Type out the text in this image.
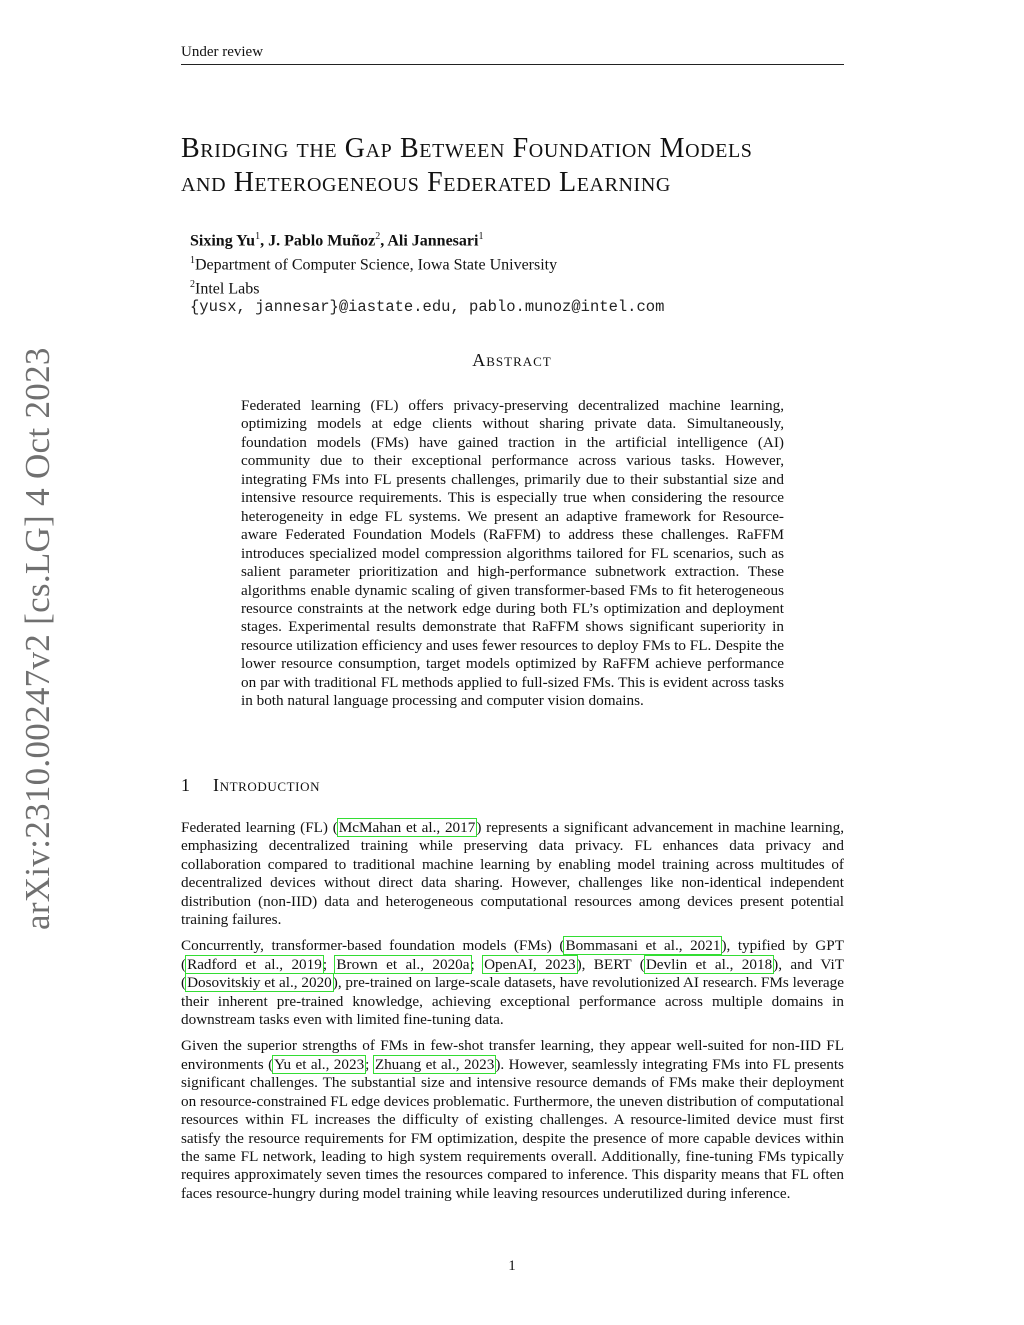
Under review
arXiv:2310.00247v2 [cs.LG] 4 Oct 2023
Bridging the Gap Between Foundation Models
and Heterogeneous Federated Learning
Sixing Yu$^1$, J. Pablo Muñoz$^2$, Ali Jannesari$^1$
$^1$Department of Computer Science, Iowa State University
$^2$Intel Labs
{yusx, jannesar}@iastate.edu, pablo.munoz@intel.com
Abstract
Federated learning (FL) offers privacy-preserving decentralized machine learning, optimizing models at edge clients without sharing private data. Simultaneously, foundation models (FMs) have gained traction in the artificial intelligence (AI) community due to their exceptional performance across various tasks. However, integrating FMs into FL presents challenges, primarily due to their substantial size and intensive resource requirements. This is especially true when considering the resource heterogeneity in edge FL systems. We present an adaptive framework for Resource-aware Federated Foundation Models (RaFFM) to address these challenges. RaFFM introduces specialized model compression algorithms tailored for FL scenarios, such as salient parameter prioritization and high-performance subnetwork extraction. These algorithms enable dynamic scaling of given transformer-based FMs to fit heterogeneous resource constraints at the network edge during both FL’s optimization and deployment stages. Experimental results demonstrate that RaFFM shows significant superiority in resource utilization efficiency and uses fewer resources to deploy FMs to FL. Despite the lower resource consumption, target models optimized by RaFFM achieve performance on par with traditional FL methods applied to full-sized FMs. This is evident across tasks in both natural language processing and computer vision domains.
1 Introduction

Federated learning (FL) (McMahan et al., 2017) represents a significant advancement in machine learning, emphasizing decentralized training while preserving data privacy. FL enhances data privacy and collaboration compared to traditional machine learning by enabling model training across multitudes of decentralized devices without direct data sharing. However, challenges like non-identical independent distribution (non-IID) data and heterogeneous computational resources among devices present potential training failures.

Concurrently, transformer-based foundation models (FMs) (Bommasani et al., 2021), typified by GPT (Radford et al., 2019; Brown et al., 2020a; OpenAI, 2023), BERT (Devlin et al., 2018), and ViT (Dosovitskiy et al., 2020), pre-trained on large-scale datasets, have revolutionized AI research. FMs leverage their inherent pre-trained knowledge, achieving exceptional performance across multiple domains in downstream tasks even with limited fine-tuning data.

Given the superior strengths of FMs in few-shot transfer learning, they appear well-suited for non-IID FL environments (Yu et al., 2023; Zhuang et al., 2023). However, seamlessly integrating FMs into FL presents significant challenges. The substantial size and intensive resource demands of FMs make their deployment on resource-constrained FL edge devices problematic. Furthermore, the uneven distribution of computational resources within FL increases the difficulty of existing challenges. A resource-limited device must first satisfy the resource requirements for FM optimization, despite the presence of more capable devices within the same FL network, leading to high system requirements overall. Additionally, fine-tuning FMs typically requires approximately seven times the resources compared to inference. This disparity means that FL often faces resource-hungry during model training while leaving resources underutilized during inference.

1
